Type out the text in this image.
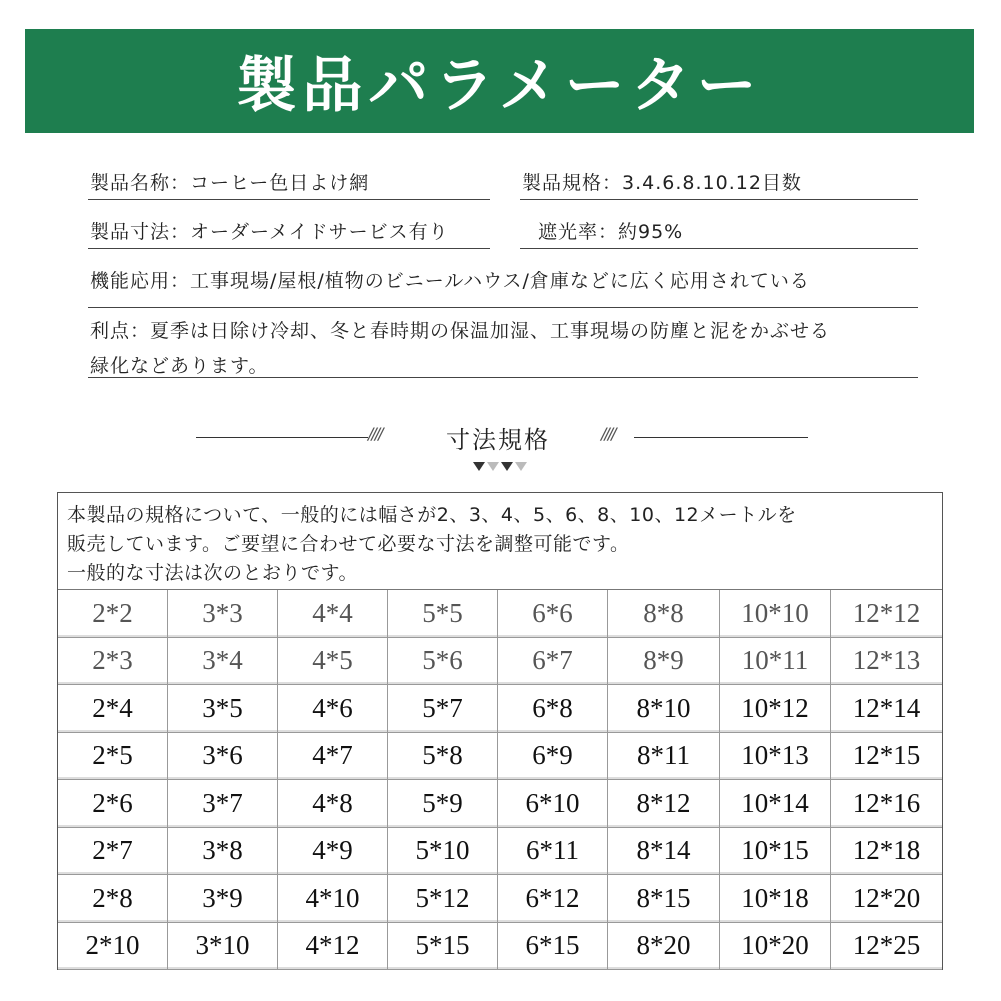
製品パラメーター
製品名称：コーヒー色日よけ網	製品規格：3.4.6.8.10.12目数
製品寸法：オーダーメイドサービス有り	遮光率：約95%
機能応用：工事現場/屋根/植物のビニールハウス/倉庫などに広く応用されている
利点：夏季は日除け冷却、冬と春時期の保温加湿、工事現場の防塵と泥をかぶせる
緑化などあります。
////	寸法規格	////
本製品の規格について、一般的には幅さが2、3、4、5、6、8、10、12メートルを
販売しています。ご要望に合わせて必要な寸法を調整可能です。
一般的な寸法は次のとおりです。
2*2	3*3	4*4	5*5	6*6	8*8	10*10	12*12
2*3	3*4	4*5	5*6	6*7	8*9	10*11	12*13
2*4	3*5	4*6	5*7	6*8	8*10	10*12	12*14
2*5	3*6	4*7	5*8	6*9	8*11	10*13	12*15
2*6	3*7	4*8	5*9	6*10	8*12	10*14	12*16
2*7	3*8	4*9	5*10	6*11	8*14	10*15	12*18
2*8	3*9	4*10	5*12	6*12	8*15	10*18	12*20
2*10	3*10	4*12	5*15	6*15	8*20	10*20	12*25
